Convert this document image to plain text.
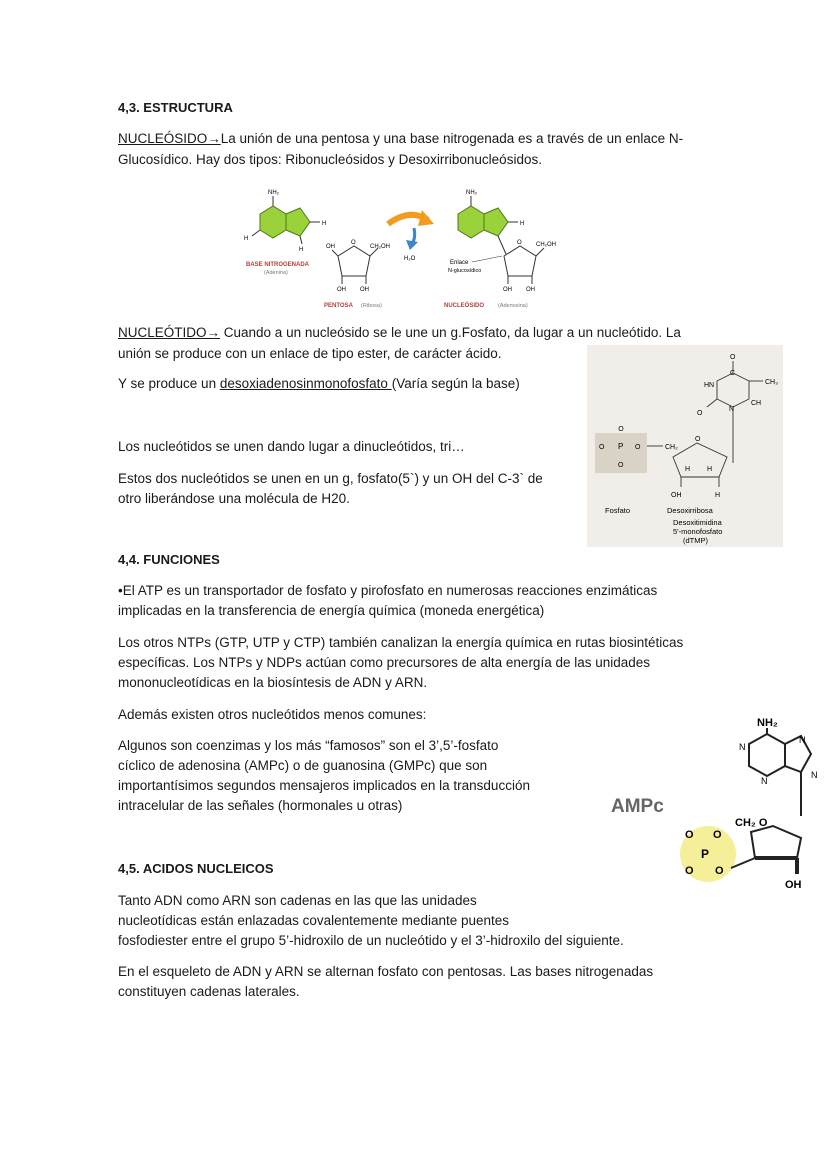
4,3. ESTRUCTURA
NUCLEÓSIDO→La unión de una pentosa y una base nitrogenada es a través de un enlace N-
Glucosídico. Hay dos tipos: Ribonucleósidos y Desoxirribonucleósidos.
NH₂
H
H
H
BASE NITROGENADA
(Adenina)
OH
O
CH₂OH
OH OH
PENTOSA (Ribosa)
H₂O
NH₂
H
O CH₂OH
OH OH
Enlace
N-glucosídico
NUCLEÓSIDO	(Adenosina)
NUCLEÓTIDO→ Cuando a un nucleósido se le une un g.Fosfato, da lugar a un nucleótido. La
unión se produce con un enlace de tipo ester, de carácter ácido.
Y se produce un desoxiadenosinmonofosfato (Varía según la base)
Los nucleótidos se unen dando lugar a dinucleótidos, tri…
Estos dos nucleótidos se unen en un g, fosfato(5`) y un OH del C-3` de
otro liberándose una molécula de H20.
O
C
HN	CH₃
CH
O
N
O
O P O
O
CH₂
O
H H
OH	H
Fosfato	Desoxirribosa
Desoxitimidina
5'-monofosfato
(dTMP)
4,4. FUNCIONES
•El ATP es un transportador de fosfato y pirofosfato en numerosas reacciones enzimáticas
implicadas en la transferencia de energía química (moneda energética)
Los otros NTPs (GTP, UTP y CTP) también canalizan la energía química en rutas biosintéticas
específicas. Los NTPs y NDPs actúan como precursores de alta energía de las unidades
mononucleotídicas en la biosíntesis de ADN y ARN.
Además existen otros nucleótidos menos comunes:
Algunos son coenzimas y los más “famosos” son el 3’,5’-fosfato
cíclico de adenosina (AMPc) o de guanosina (GMPc) que son
importantísimos segundos mensajeros implicados en la transducción
intracelular de las señales (hormonales u otras)	AMPc
NH₂
N
N
N
N
P
O O
O O
CH₂ O
OH
4,5. ACIDOS NUCLEICOS
Tanto ADN como ARN son cadenas en las que las unidades
nucleotídicas están enlazadas covalentemente mediante puentes
fosfodiester entre el grupo 5’-hidroxilo de un nucleótido y el 3’-hidroxilo del siguiente.
En el esqueleto de ADN y ARN se alternan fosfato con pentosas. Las bases nitrogenadas
constituyen cadenas laterales.
